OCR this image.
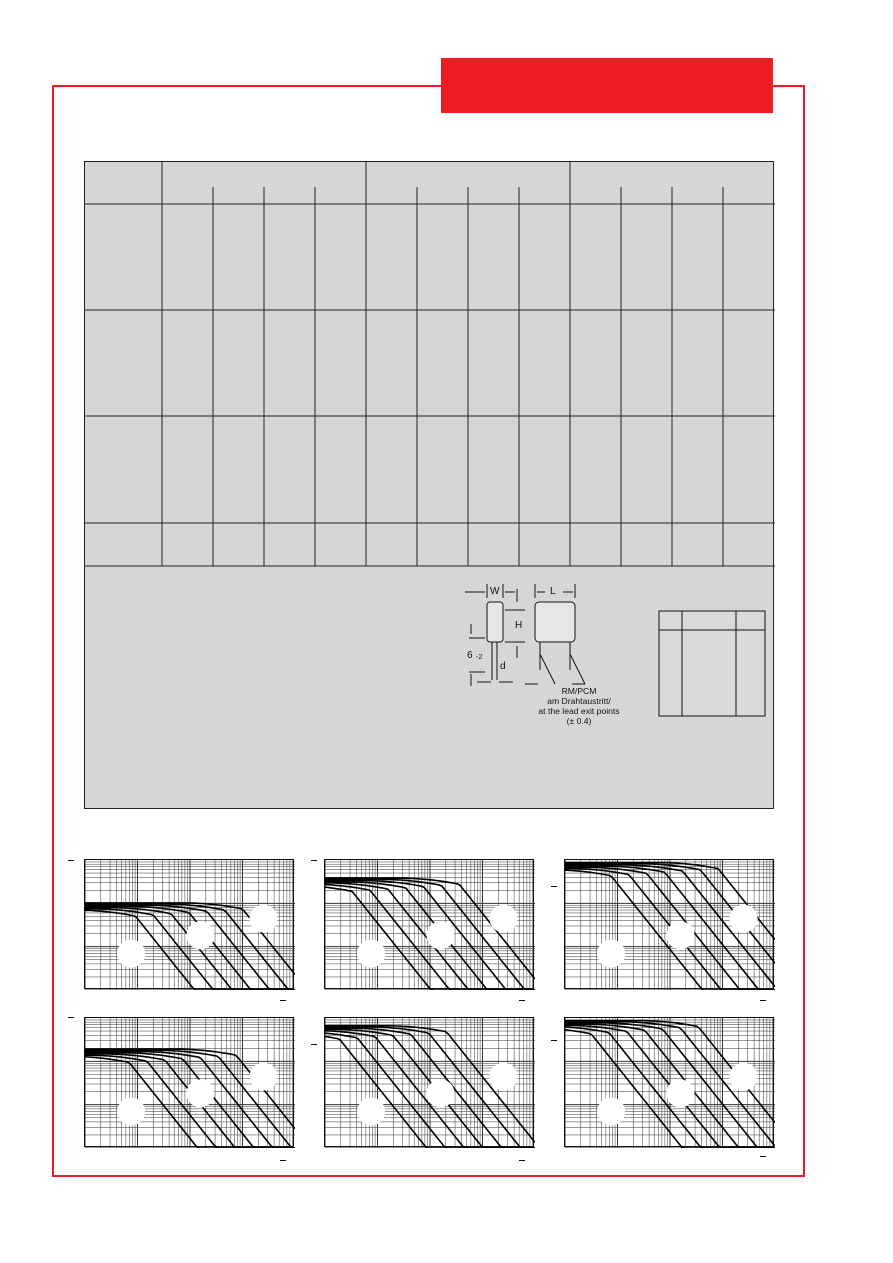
W
H
L
d
6 -2
RM/PCM
am Drahtaustritt/
at the lead exit points
(± 0.4)
